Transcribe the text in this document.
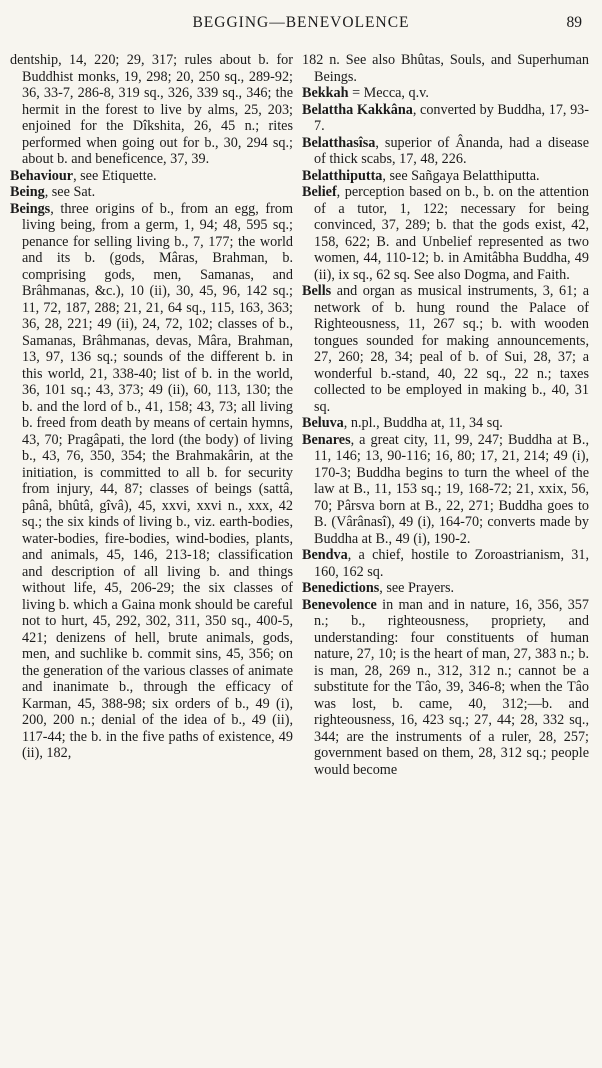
BEGGING—BENEVOLENCE	89

dentship, 14, 220; 29, 317; rules about b. for Buddhist monks, 19, 298; 20, 250 sq., 289-92; 36, 33-7, 286-8, 319 sq., 326, 339 sq., 346; the hermit in the forest to live by alms, 25, 203; enjoined for the Dîkshita, 26, 45 n.; rites performed when going out for b., 30, 294 sq.; about b. and beneficence, 37, 39.

Behaviour, see Etiquette.

Being, see Sat.

Beings, three origins of b., from an egg, from living being, from a germ, 1, 94; 48, 595 sq.; penance for selling living b., 7, 177; the world and its b. (gods, Mâras, Brahman, b. comprising gods, men, Samanas, and Brâhmanas, &c.), 10 (ii), 30, 45, 96, 142 sq.; 11, 72, 187, 288; 21, 21, 64 sq., 115, 163, 363; 36, 28, 221; 49 (ii), 24, 72, 102; classes of b., Samanas, Brâhmanas, devas, Mâra, Brahman, 13, 97, 136 sq.; sounds of the different b. in this world, 21, 338-40; list of b. in the world, 36, 101 sq.; 43, 373; 49 (ii), 60, 113, 130; the b. and the lord of b., 41, 158; 43, 73; all living b. freed from death by means of certain hymns, 43, 70; Pragâpati, the lord (the body) of living b., 43, 76, 350, 354; the Brahmakârin, at the initiation, is committed to all b. for security from injury, 44, 87; classes of beings (sattâ, pânâ, bhûtâ, gîvâ), 45, xxvi, xxvi n., xxx, 42 sq.; the six kinds of living b., viz. earth-bodies, water-bodies, fire-bodies, wind-bodies, plants, and animals, 45, 146, 213-18; classification and description of all living b. and things without life, 45, 206-29; the six classes of living b. which a Gaina monk should be careful not to hurt, 45, 292, 302, 311, 350 sq., 400-5, 421; denizens of hell, brute animals, gods, men, and suchlike b. commit sins, 45, 356; on the generation of the various classes of animate and inanimate b., through the efficacy of Karman, 45, 388-98; six orders of b., 49 (i), 200, 200 n.; denial of the idea of b., 49 (ii), 117-44; the b. in the five paths of existence, 49 (ii), 182,

182 n. See also Bhûtas, Souls, and Superhuman Beings.

Bekkah = Mecca, q.v.

Belattha Kakkâna, converted by Buddha, 17, 93-7.

Belatthasîsa, superior of Ânanda, had a disease of thick scabs, 17, 48, 226.

Belatthiputta, see Sañgaya Belatthiputta.

Belief, perception based on b., b. on the attention of a tutor, 1, 122; necessary for being convinced, 37, 289; b. that the gods exist, 42, 158, 622; B. and Unbelief represented as two women, 44, 110-12; b. in Amitâbha Buddha, 49 (ii), ix sq., 62 sq. See also Dogma, and Faith.

Bells and organ as musical instruments, 3, 61; a network of b. hung round the Palace of Righteousness, 11, 267 sq.; b. with wooden tongues sounded for making announcements, 27, 260; 28, 34; peal of b. of Sui, 28, 37; a wonderful b.-stand, 40, 22 sq., 22 n.; taxes collected to be employed in making b., 40, 31 sq.

Beluva, n.pl., Buddha at, 11, 34 sq.

Benares, a great city, 11, 99, 247; Buddha at B., 11, 146; 13, 90-116; 16, 80; 17, 21, 214; 49 (i), 170-3; Buddha begins to turn the wheel of the law at B., 11, 153 sq.; 19, 168-72; 21, xxix, 56, 70; Pârsva born at B., 22, 271; Buddha goes to B. (Vârânasî), 49 (i), 164-70; converts made by Buddha at B., 49 (i), 190-2.

Bendva, a chief, hostile to Zoroastrianism, 31, 160, 162 sq.

Benedictions, see Prayers.

Benevolence in man and in nature, 16, 356, 357 n.; b., righteousness, propriety, and understanding: four constituents of human nature, 27, 10; is the heart of man, 27, 383 n.; b. is man, 28, 269 n., 312, 312 n.; cannot be a substitute for the Tâo, 39, 346-8; when the Tâo was lost, b. came, 40, 312;—b. and righteousness, 16, 423 sq.; 27, 44; 28, 332 sq., 344; are the instruments of a ruler, 28, 257; government based on them, 28, 312 sq.; people would become
